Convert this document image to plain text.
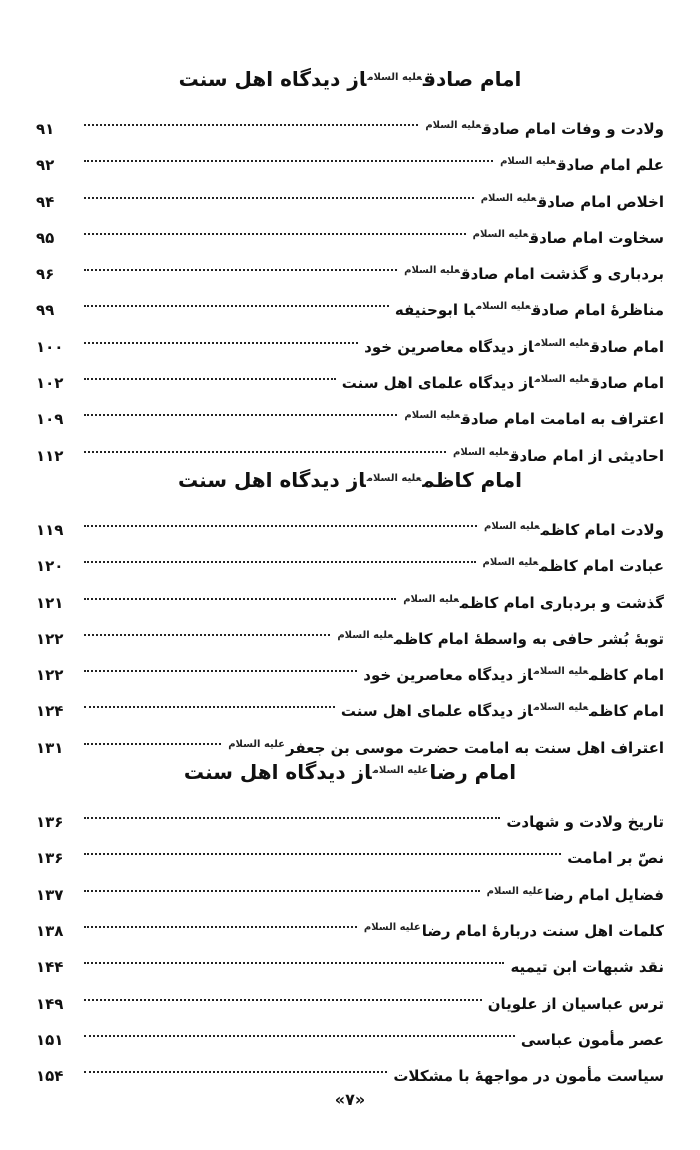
امام صادق$^{عليه السلام}$از دیدگاه اهل سنت
ولادت و وفات امام صادق$^{عليه السلام}$
۹۱
علم امام صادق$^{عليه السلام}$
۹۲
اخلاص امام صادق$^{عليه السلام}$
۹۴
سخاوت امام صادق$^{عليه السلام}$
۹۵
بردباری و گذشت امام صادق$^{عليه السلام}$
۹۶
مناظرهٔ امام صادق$^{عليه السلام}$با ابوحنیفه
۹۹
امام صادق$^{عليه السلام}$از دیدگاه معاصرین خود
۱۰۰
امام صادق$^{عليه السلام}$از دیدگاه علمای اهل سنت
۱۰۲
اعتراف به امامت امام صادق$^{عليه السلام}$
۱۰۹
احادیثی از امام صادق$^{عليه السلام}$
۱۱۲
امام کاظم$^{عليه السلام}$از دیدگاه اهل سنت
ولادت امام کاظم$^{عليه السلام}$
۱۱۹
عبادت امام کاظم$^{عليه السلام}$
۱۲۰
گذشت و بردباری امام کاظم$^{عليه السلام}$
۱۲۱
توبهٔ بُشر حافی به واسطهٔ امام کاظم$^{عليه السلام}$
۱۲۲
امام کاظم$^{عليه السلام}$از دیدگاه معاصرین خود
۱۲۲
امام کاظم$^{عليه السلام}$از دیدگاه علمای اهل سنت
۱۲۴
اعتراف اهل سنت به امامت حضرت موسی بن جعفر$^{عليه السلام}$
۱۳۱
امام رضا$^{عليه السلام}$از دیدگاه اهل سنت
تاریخ ولادت و شهادت
۱۳۶
نصّ بر امامت
۱۳۶
فضایل امام رضا$^{عليه السلام}$
۱۳۷
کلمات اهل سنت دربارهٔ امام رضا$^{عليه السلام}$
۱۳۸
نقد شبهات ابن تیمیه
۱۴۴
ترس عباسیان از علویان
۱۴۹
عصر مأمون عباسی
۱۵۱
سیاست مأمون در مواجههٔ با مشکلات
۱۵۴
«۷»
